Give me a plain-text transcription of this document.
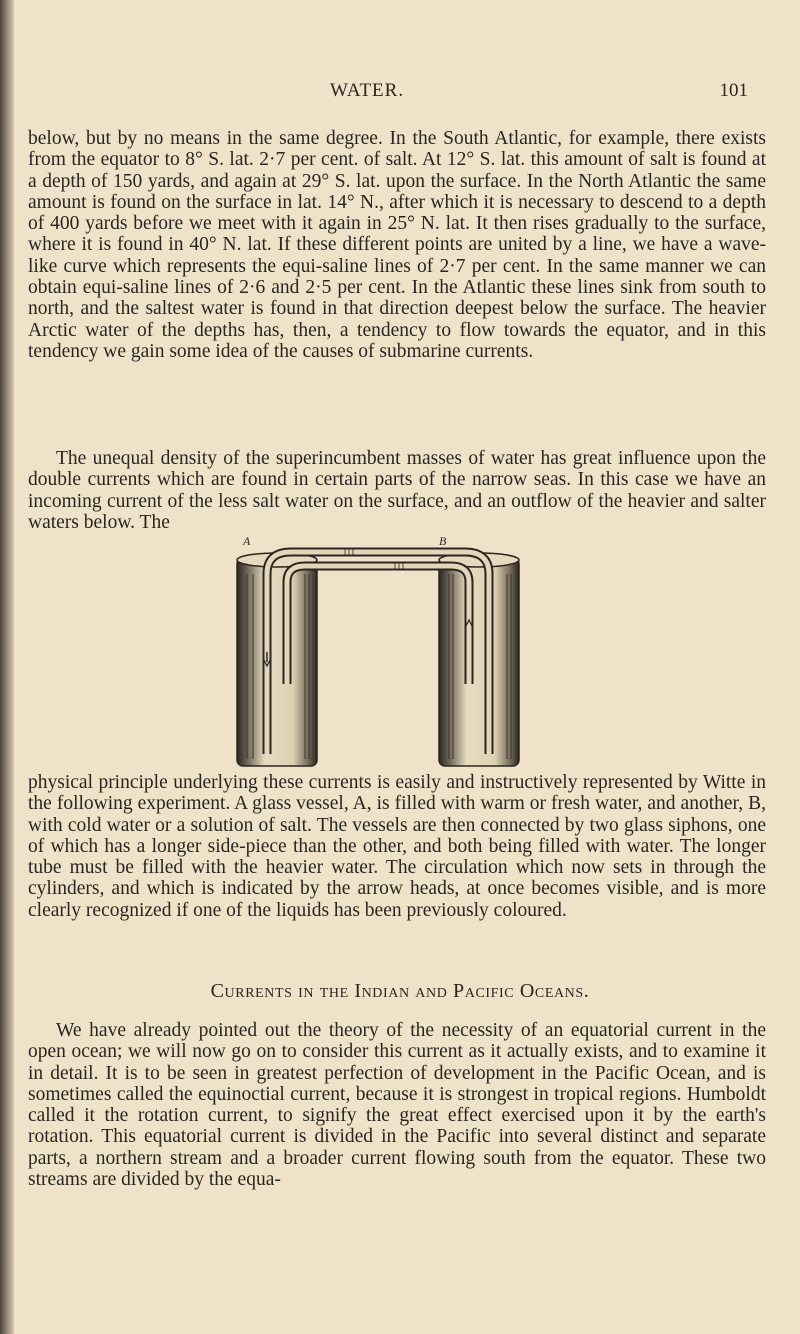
WATER.	101

below, but by no means in the same degree. In the South Atlantic, for example, there exists from the equator to 8° S. lat. 2·7 per cent. of salt. At 12° S. lat. this amount of salt is found at a depth of 150 yards, and again at 29° S. lat. upon the surface. In the North Atlantic the same amount is found on the surface in lat. 14° N., after which it is necessary to descend to a depth of 400 yards before we meet with it again in 25° N. lat. It then rises gradually to the surface, where it is found in 40° N. lat. If these different points are united by a line, we have a wave-like curve which represents the equi-saline lines of 2·7 per cent. In the same manner we can obtain equi-saline lines of 2·6 and 2·5 per cent. In the Atlantic these lines sink from south to north, and the saltest water is found in that direction deepest below the surface. The heavier Arctic water of the depths has, then, a tendency to flow towards the equator, and in this tendency we gain some idea of the causes of submarine currents.

The unequal density of the superincumbent masses of water has great influence upon the double currents which are found in certain parts of the narrow seas. In this case we have an incoming current of the less salt water on the surface, and an outflow of the heavier and salter waters below. The

A	B

physical principle underlying these currents is easily and instructively represented by Witte in the following experiment. A glass vessel, A, is filled with warm or fresh water, and another, B, with cold water or a solution of salt. The vessels are then connected by two glass siphons, one of which has a longer side-piece than the other, and both being filled with water. The longer tube must be filled with the heavier water. The circulation which now sets in through the cylinders, and which is indicated by the arrow heads, at once becomes visible, and is more clearly recognized if one of the liquids has been previously coloured.

Currents in the Indian and Pacific Oceans.

We have already pointed out the theory of the necessity of an equatorial current in the open ocean; we will now go on to consider this current as it actually exists, and to examine it in detail. It is to be seen in greatest perfection of development in the Pacific Ocean, and is sometimes called the equinoctial current, because it is strongest in tropical regions. Humboldt called it the rotation current, to signify the great effect exercised upon it by the earth's rotation. This equatorial current is divided in the Pacific into several distinct and separate parts, a northern stream and a broader current flowing south from the equator. These two streams are divided by the equa-
